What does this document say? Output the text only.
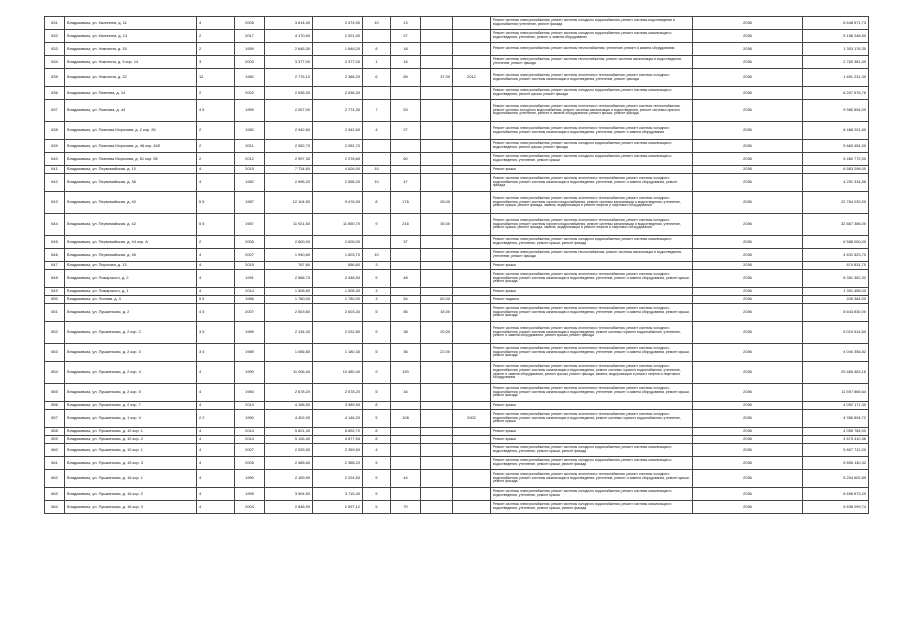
631	Владикавказ, ул. Калинина, д. 11	4	2005	3 614,40	2 474,50	10	13			Ремонт системы электроснабжения, ремонт системы холодного водоснабжения, ремонт системы водоотведения и водоснабжения; утепление, ремонт фасада	2036	6 648 571,73
632	Владикавказ, ул. Калинина, д. 13	2	2017	4 170,60	2 921,00		27			Ремонт системы электроснабжения, ремонт системы холодного водоснабжения, ремонт системы канализации и водоотведения, утепление, ремонт и замена оборудования	2036	5 156 248,50
633	Владикавказ, ул. Никитина, д. 15	2	1959	2 645,30	1 648,20	8	18			Ремонт системы электроснабжения, ремонт системы теплоснабжения, утепление, ремонт и замена оборудования	2036	1 303 176,30
634	Владикавказ, ул. Никитина, д. 9 кор. 14	3	2003	3 377,00	2 377,00	1	16			Ремонт системы электроснабжения, ремонт системы теплоснабжения, ремонт системы канализации и водоотведения, утепление, ремонт фасада	2036	2 760 381,40
635	Владикавказ, ул. Никитина, д. 22	12	1982	2 776,10	2 386,20	6	65	37,00	2012	Ремонт системы электроснабжения, ремонт системы отопления и теплоснабжения, ремонт системы холодного водоснабжения, ремонт системы канализации и водоотведения, утепление, ремонт фасада	2036	1 691 231,30
636	Владикавказ, ул. Павлова, д. 14	2	2002	2 636,30	2 636,30					Ремонт системы электроснабжения, ремонт системы холодного водоснабжения, ремонт системы канализации и водоотведения, ремонт крыши, ремонт фасада	2036	6 207 676,76
637	Владикавказ, ул. Павлова, д. 44	4 5	1959	2 007,00	2 774,30	7	53			Ремонт системы электроснабжения, ремонт системы отопления и теплоснабжения, ремонт системы теплоснабжения, ремонт системы холодного водоснабжения, ремонт системы канализации и водоотведения, ремонт системы горячего водоснабжения, утепление, ремонт и замена оборудования, ремонт крыши, ремонт фасада	2036	9 980 894,00
638	Владикавказ, ул. Павлова Морозова, д. 2 кор. 26	2	1982	2 942,60	2 942,60	4	27			Ремонт системы электроснабжения, ремонт системы отопления и теплоснабжения, ремонт системы холодного водоснабжения, ремонт системы канализации и водоотведения, утепление, ремонт и замена оборудования	2036	6 468 201,60
639	Владикавказ, ул. Павлова Морозова, д. 48 кор. 64б	2	2011	2 952,70	2 952,70					Ремонт системы электроснабжения, ремонт системы холодного водоснабжения, ремонт системы канализации и водоотведения, ремонт крыши, ремонт фасада	2036	5 663 454,00
640	Владикавказ, ул. Павлова Морозова, д. 51 кор. 55	2	2012	2 997,30	2 078,60		60			Ремонт системы электроснабжения, ремонт системы холодного водоснабжения, ремонт системы канализации и водоотведения, утепление, ремонт крыши	2036	5 460 772,00
641	Владикавказ, ул. Первомайская, д. 10	4	2015	7 734,60	4 626,00	10				Ремонт крыши	2036	6 583 296,00
642	Владикавказ, ул. Первомайская, д. 36	4	1982	2 696,20	2 696,20	10	47			Ремонт системы электроснабжения, ремонт системы отопления и теплоснабжения, ремонт системы холодного водоснабжения, ремонт системы канализации и водоотведения, утепление, ремонт и замена оборудования, ремонт фасада	2036	4 251 334,56
643	Владикавказ, ул. Первомайская, д. 40	5 5	1987	12 104,50	9 476,95	8	176	26,00		Ремонт системы электроснабжения, ремонт системы отопления и теплоснабжения, ремонт системы холодного водоснабжения, ремонт системы горячего водоснабжения, ремонт системы канализации и водоотведения, утепление, ремонт крыши, ремонт фасада, замена, модернизация и ремонт лифтов и лифтового оборудования	2036	22 784 032,00
644	Владикавказ, ул. Первомайская, д. 42	5 5	1987	11 921,60	11 850,70	9	216	35,00		Ремонт системы электроснабжения, ремонт системы отопления и теплоснабжения, ремонт системы холодного водоснабжения, ремонт системы горячего водоснабжения, ремонт системы канализации и водоотведения, утепление, ремонт крыши, ремонт фасада, замена, модернизация и ремонт лифтов и лифтового оборудования	2036	32 687 386,00
645	Владикавказ, ул. Первомайская, д. 44 кор. А	2	2005	2 600,00	2 600,00		37			Ремонт системы электроснабжения, ремонт системы холодного водоснабжения, ремонт системы канализации и водоотведения, утепление, ремонт крыши, ремонт фасада	2036	6 588 000,00
646	Владикавказ, ул. Первомайская, д. 46	4	2007	1 940,60	1 603,70	10				Ремонт системы электроснабжения, ремонт системы теплоснабжения, ремонт системы канализации и водоотведения, утепление, ремонт фасада	2036	4 631 523,70
647	Владикавказ, ул. Пирогова, д. 13	4	2015	767,60	656,60	3				Ремонт крыши	2036	674 831,70
648	Владикавказ, ул. Пожарского, д. 2	4	1991	2 568,70	2 448,90	5	48			Ремонт системы электроснабжения, ремонт системы отопления и теплоснабжения, ремонт системы холодного водоснабжения, ремонт системы канализации и водоотведения, утепление, ремонт и замена оборудования, ремонт крыши, ремонт фасада	2036	6 351 362,32
649	Владикавказ, ул. Пожарского, д. 1	4	2014	1 508,60	1 508,30	3				Ремонт крыши	2036	1 391 456,00
650	Владикавказ, ул. Попова, д. 3	5 5	1986	1 780,00	1 780,00	3	54	62,00		Ремонт подвала	2036	245 384,00
651	Владикавказ, ул. Пушкинская, д. 2	4 5	2007	2 603,60	2 603,30	5	85	18,00		Ремонт системы электроснабжения, ремонт системы отопления и теплоснабжения, ремонт системы холодного водоснабжения, ремонт системы канализации и водоотведения, утепление, ремонт и замена оборудования, ремонт крыши, ремонт фасада	2036	8 643 830,00
652	Владикавказ, ул. Пушкинская, д. 2 кор. 2	3 5	1989	2 134,40	2 032,80	5	38	20,00		Ремонт системы электроснабжения, ремонт системы отопления и теплоснабжения, ремонт системы холодного водоснабжения, ремонт системы канализации и водоотведения, ремонт системы горячего водоснабжения, утепление, ремонт и замена оборудования, ремонт крыши, ремонт фасада	2036	5 019 514,50
653	Владикавказ, ул. Пушкинская, д. 2 кор. 3	3 4	1989	1 066,80	1 180,30	5	36	22,00		Ремонт системы электроснабжения, ремонт системы отопления и теплоснабжения, ремонт системы холодного водоснабжения, ремонт системы канализации и водоотведения, утепление, ремонт и замена оборудования, ремонт крыши, ремонт фасада	2036	4 040 356,82
654	Владикавказ, ул. Пушкинская, д. 2 кор. 4	4	1990	11 006,40	10 480,40	9	190			Ремонт системы электроснабжения, ремонт системы отопления и теплоснабжения, ремонт системы холодного водоснабжения, ремонт системы канализации и водоотведения, ремонт системы горячего водоснабжения, утепление, ремонт и замена оборудования, ремонт крыши, ремонт фасада, замена, модернизация и ремонт лифтов и лифтового оборудования	2036	29 485 463,16
655	Владикавказ, ул. Пушкинская, д. 2 кор. 5	4	1984	2 678,20	2 678,20	5	34			Ремонт системы электроснабжения, ремонт системы отопления и теплоснабжения, ремонт системы холодного водоснабжения, ремонт системы канализации и водоотведения, утепление, ремонт и замена оборудования, ремонт крыши, ремонт фасада	2036	11 597 866,64
656	Владикавказ, ул. Пушкинская, д. 2 кор. 7	4	2014	4 168,50	3 989,50	8				Ремонт крыши	2036	4 052 171,30
657	Владикавказ, ул. Пушкинская, д. 1 кор. 4	2 2	1990	4 402,00	4 146,20	5	108		2002	Ремонт системы электроснабжения, ремонт системы отопления и теплоснабжения, ремонт системы холодного водоснабжения, ремонт системы канализации и водоотведения, ремонт системы горячего водоснабжения, утепление, ремонт крыши	2036	4 956 894,72
658	Владикавказ, ул. Пушкинская, д. 10 кор. 1	4	2014	5 621,40	5 892,70	8				Ремонт крыши	2036	4 055 784,00
659	Владикавказ, ул. Пушкинская, д. 10 кор. 2	4	2014	5 126,40	4 877,54	8				Ремонт крыши	2036	4 673 410,36
660	Владикавказ, ул. Пушкинская, д. 10 кор. 1	4	2007	2 925,50	2 359,50	4				Ремонт системы электроснабжения, ремонт системы холодного водоснабжения, ремонт системы канализации и водоотведения, утепление, ремонт крыши, ремонт фасада	2036	5 807 712,00
661	Владикавказ, ул. Пушкинская, д. 15 кор. 3	4	2005	2 485,60	2 368,20	5				Ремонт системы электроснабжения, ремонт системы холодного водоснабжения, ремонт системы канализации и водоотведения, утепление, ремонт крыши, ремонт фасада	2036	5 606 140,32
662	Владикавказ, ул. Пушкинская, д. 16 кор. 1	4	1990	2 169,50	2 224,50	5	44			Ремонт системы электроснабжения, ремонт системы отопления и теплоснабжения, ремонт системы холодного водоснабжения, ремонт системы канализации и водоотведения, утепление, ремонт и замена оборудования, ремонт крыши, ремонт фасада	2036	5 204 602,85
663	Владикавказ, ул. Пушкинская, д. 16 кор. 2	4	1995	3 904,50	3 715,40	5				Ремонт системы электроснабжения, ремонт системы холодного водоснабжения, ремонт системы канализации и водоотведения, утепление, ремонт крыши	2036	8 698 673,20
664	Владикавказ, ул. Пушкинская, д. 16 кор. 3	4	2004	2 848,90	2 697,12	5	70			Ремонт системы электроснабжения, ремонт системы холодного водоснабжения, ремонт системы канализации и водоотведения, утепление, ремонт крыши, ремонт фасада	2036	5 638 099,74
